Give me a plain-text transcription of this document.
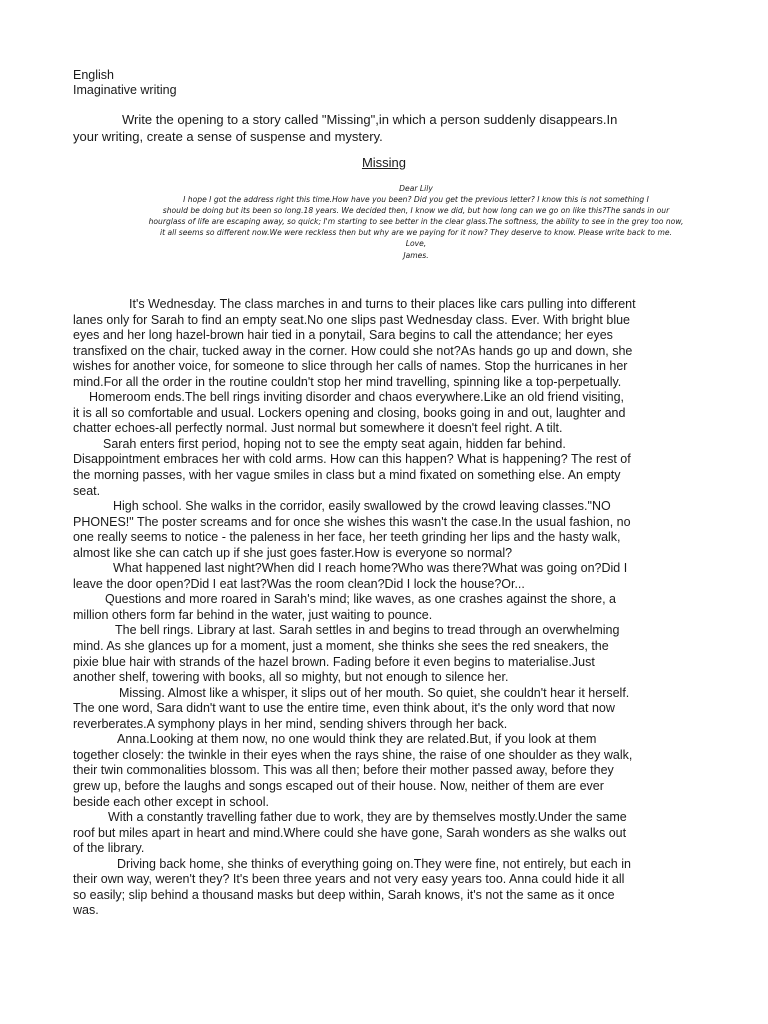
English
Imaginative writing
Write the opening to a story called "Missing",in which a person suddenly disappears.In
your writing, create a sense of suspense and mystery.
Missing
Dear Lily
I hope I got the address right this time.How have you been? Did you get the previous letter? I know this is not something I
should be doing but its been so long.18 years. We decided then, I know we did, but how long can we go on like this?The sands in our
hourglass of life are escaping away, so quick; I'm starting to see better in the clear glass.The softness, the ability to see in the grey too now,
it all seems so different now.We were reckless then but why are we paying for it now? They deserve to know. Please write back to me.
Love,
James.
It's Wednesday. The class marches in and turns to their places like cars pulling into different
lanes only for Sarah to find an empty seat.No one slips past Wednesday class. Ever. With bright blue
eyes and her long hazel-brown hair tied in a ponytail, Sara begins to call the attendance; her eyes
transfixed on the chair, tucked away in the corner. How could she not?As hands go up and down, she
wishes for another voice, for someone to slice through her calls of names. Stop the hurricanes in her
mind.For all the order in the routine couldn't stop her mind travelling, spinning like a top-perpetually.
Homeroom ends.The bell rings inviting disorder and chaos everywhere.Like an old friend visiting,
it is all so comfortable and usual. Lockers opening and closing, books going in and out, laughter and
chatter echoes-all perfectly normal. Just normal but somewhere it doesn't feel right. A tilt.
Sarah enters first period, hoping not to see the empty seat again, hidden far behind.
Disappointment embraces her with cold arms. How can this happen? What is happening? The rest of
the morning passes, with her vague smiles in class but a mind fixated on something else. An empty
seat.
High school. She walks in the corridor, easily swallowed by the crowd leaving classes."NO
PHONES!" The poster screams and for once she wishes this wasn't the case.In the usual fashion, no
one really seems to notice - the paleness in her face, her teeth grinding her lips and the hasty walk,
almost like she can catch up if she just goes faster.How is everyone so normal?
What happened last night?When did I reach home?Who was there?What was going on?Did I
leave the door open?Did I eat last?Was the room clean?Did I lock the house?Or...
Questions and more roared in Sarah's mind; like waves, as one crashes against the shore, a
million others form far behind in the water, just waiting to pounce.
The bell rings. Library at last. Sarah settles in and begins to tread through an overwhelming
mind. As she glances up for a moment, just a moment, she thinks she sees the red sneakers, the
pixie blue hair with strands of the hazel brown. Fading before it even begins to materialise.Just
another shelf, towering with books, all so mighty, but not enough to silence her.
Missing. Almost like a whisper, it slips out of her mouth. So quiet, she couldn't hear it herself.
The one word, Sara didn't want to use the entire time, even think about, it's the only word that now
reverberates.A symphony plays in her mind, sending shivers through her back.
Anna.Looking at them now, no one would think they are related.But, if you look at them
together closely: the twinkle in their eyes when the rays shine, the raise of one shoulder as they walk,
their twin commonalities blossom. This was all then; before their mother passed away, before they
grew up, before the laughs and songs escaped out of their house. Now, neither of them are ever
beside each other except in school.
With a constantly travelling father due to work, they are by themselves mostly.Under the same
roof but miles apart in heart and mind.Where could she have gone, Sarah wonders as she walks out
of the library.
Driving back home, she thinks of everything going on.They were fine, not entirely, but each in
their own way, weren't they? It's been three years and not very easy years too. Anna could hide it all
so easily; slip behind a thousand masks but deep within, Sarah knows, it's not the same as it once
was.
